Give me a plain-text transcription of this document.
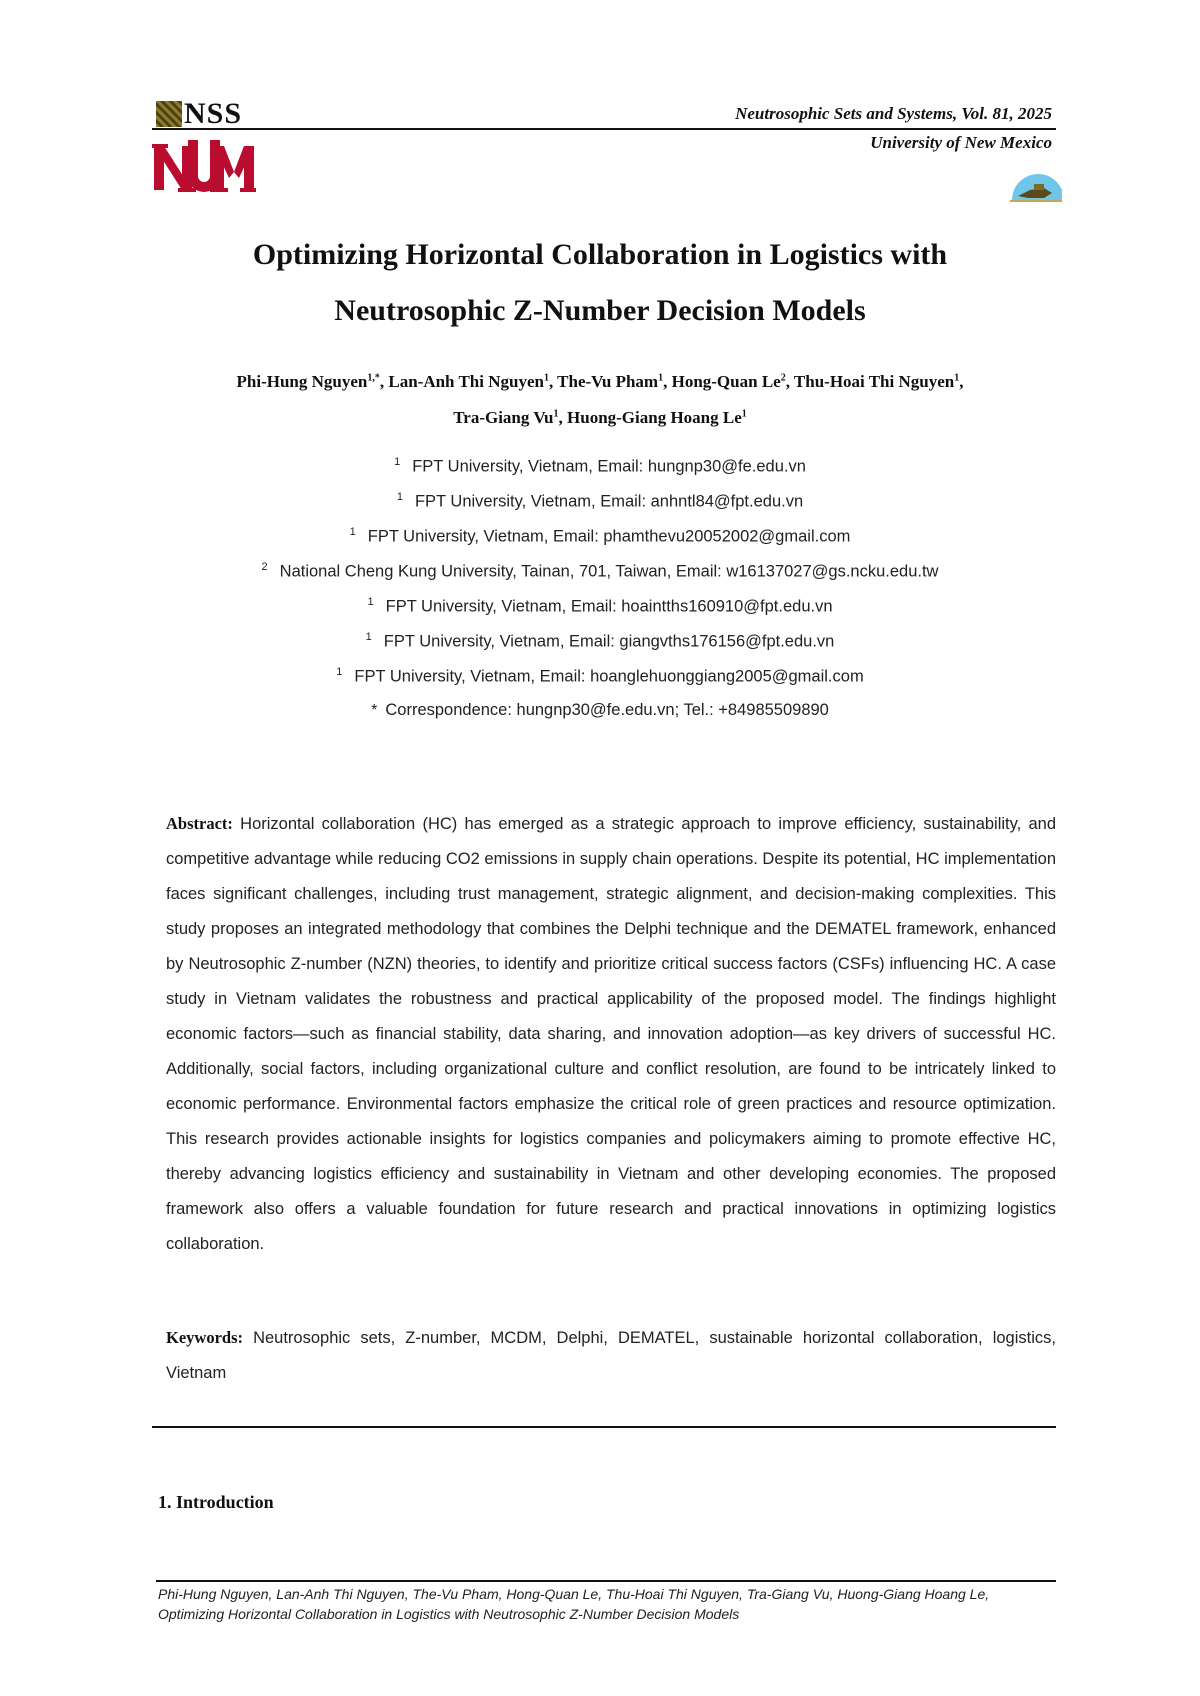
NSS	Neutrosophic Sets and Systems, Vol. 81, 2025
University of New Mexico
Optimizing Horizontal Collaboration in Logistics with
Neutrosophic Z-Number Decision Models
Phi-Hung Nguyen$^{1,*}$, Lan-Anh Thi Nguyen$^1$, The-Vu Pham$^1$, Hong-Quan Le$^2$, Thu-Hoai Thi Nguyen$^1$,
Tra-Giang Vu$^1$, Huong-Giang Hoang Le$^1$
$^1$ FPT University, Vietnam, Email: hungnp30@fe.edu.vn
$^1$ FPT University, Vietnam, Email: anhntl84@fpt.edu.vn
$^1$ FPT University, Vietnam, Email: phamthevu20052002@gmail.com
$^2$ National Cheng Kung University, Tainan, 701, Taiwan, Email: w16137027@gs.ncku.edu.tw
$^1$ FPT University, Vietnam, Email: hoaintths160910@fpt.edu.vn
$^1$ FPT University, Vietnam, Email: giangvths176156@fpt.edu.vn
$^1$ FPT University, Vietnam, Email: hoanglehuonggiang2005@gmail.com
* Correspondence: hungnp30@fe.edu.vn; Tel.: +84985509890
Abstract: Horizontal collaboration (HC) has emerged as a strategic approach to improve efficiency, sustainability, and competitive advantage while reducing CO2 emissions in supply chain operations. Despite its potential, HC implementation faces significant challenges, including trust management, strategic alignment, and decision-making complexities. This study proposes an integrated methodology that combines the Delphi technique and the DEMATEL framework, enhanced by Neutrosophic Z-number (NZN) theories, to identify and prioritize critical success factors (CSFs) influencing HC. A case study in Vietnam validates the robustness and practical applicability of the proposed model. The findings highlight economic factors—such as financial stability, data sharing, and innovation adoption—as key drivers of successful HC. Additionally, social factors, including organizational culture and conflict resolution, are found to be intricately linked to economic performance. Environmental factors emphasize the critical role of green practices and resource optimization. This research provides actionable insights for logistics companies and policymakers aiming to promote effective HC, thereby advancing logistics efficiency and sustainability in Vietnam and other developing economies. The proposed framework also offers a valuable foundation for future research and practical innovations in optimizing logistics collaboration.
Keywords: Neutrosophic sets, Z-number, MCDM, Delphi, DEMATEL, sustainable horizontal collaboration, logistics, Vietnam
1. Introduction
Phi-Hung Nguyen, Lan-Anh Thi Nguyen, The-Vu Pham, Hong-Quan Le, Thu-Hoai Thi Nguyen, Tra-Giang Vu, Huong-Giang Hoang Le, Optimizing Horizontal Collaboration in Logistics with Neutrosophic Z-Number Decision Models
